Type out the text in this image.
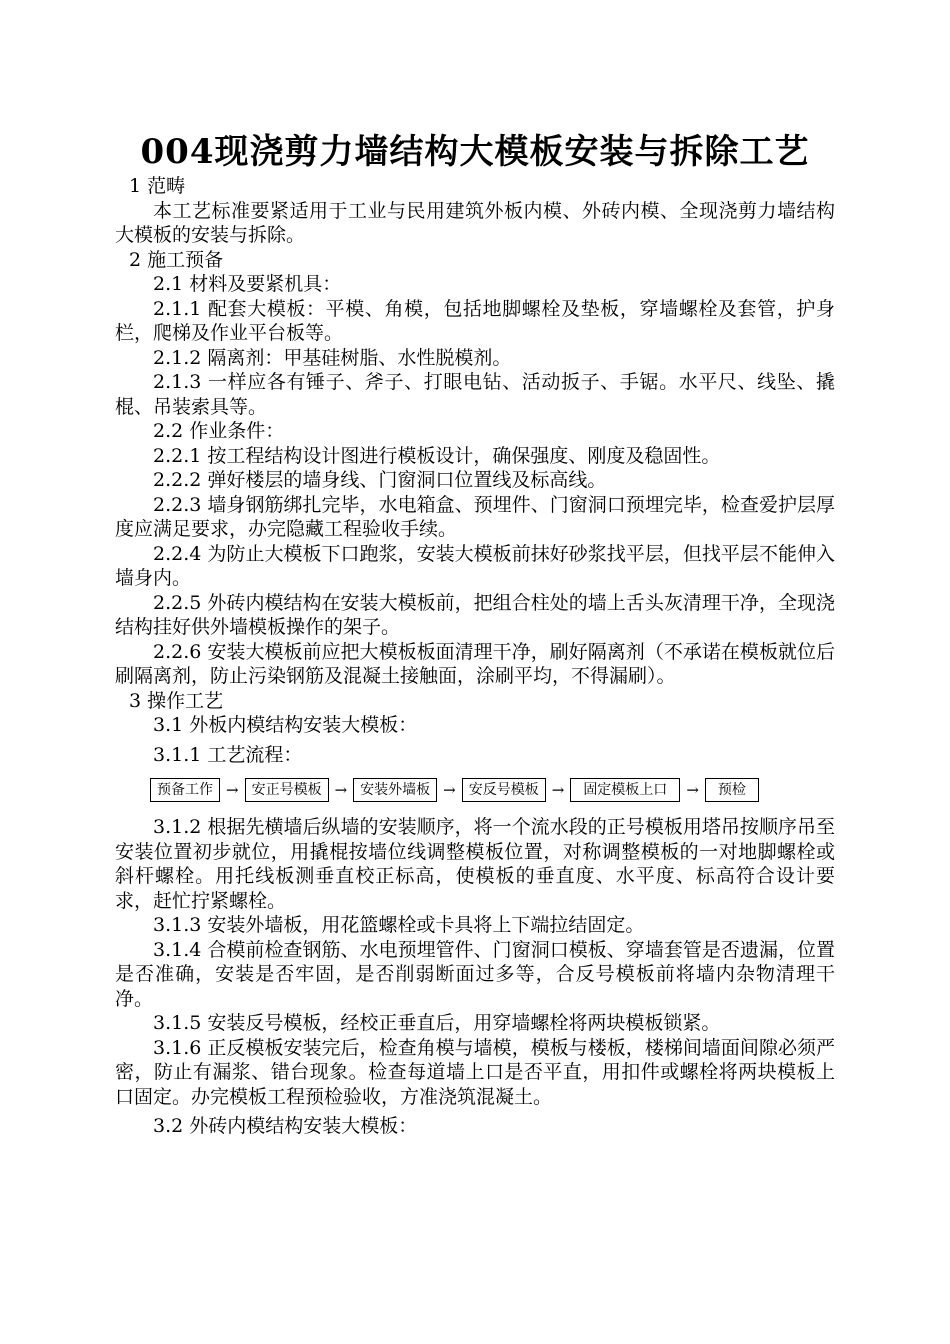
004现浇剪力墙结构大模板安装与拆除工艺

1 范畴

本工艺标准要紧适用于工业与民用建筑外板内模、外砖内模、全现浇剪力墙结构大模板的安装与拆除。

2 施工预备

2.1 材料及要紧机具：

2.1.1 配套大模板：平模、角模，包括地脚螺栓及垫板，穿墙螺栓及套管，护身栏，爬梯及作业平台板等。

2.1.2 隔离剂：甲基硅树脂、水性脱模剂。

2.1.3 一样应各有锤子、斧子、打眼电钻、活动扳子、手锯。水平尺、线坠、撬棍、吊装索具等。

2.2 作业条件：

2.2.1 按工程结构设计图进行模板设计，确保强度、刚度及稳固性。

2.2.2 弹好楼层的墙身线、门窗洞口位置线及标高线。

2.2.3 墙身钢筋绑扎完毕，水电箱盒、预埋件、门窗洞口预埋完毕，检查爱护层厚度应满足要求，办完隐藏工程验收手续。

2.2.4 为防止大模板下口跑浆，安装大模板前抹好砂浆找平层，但找平层不能伸入墙身内。

2.2.5 外砖内模结构在安装大模板前，把组合柱处的墙上舌头灰清理干净，全现浇结构挂好供外墙模板操作的架子。

2.2.6 安装大模板前应把大模板板面清理干净，刷好隔离剂（不承诺在模板就位后刷隔离剂，防止污染钢筋及混凝土接触面，涂刷平均，不得漏刷）。

3 操作工艺

3.1 外板内模结构安装大模板：

3.1.1 工艺流程：

预备工作 → 安正号模板 → 安装外墙板 → 安反号模板 →	固定模板上口	→	预检

3.1.2 根据先横墙后纵墙的安装顺序，将一个流水段的正号模板用塔吊按顺序吊至安装位置初步就位，用撬棍按墙位线调整模板位置，对称调整模板的一对地脚螺栓或斜杆螺栓。用托线板测垂直校正标高，使模板的垂直度、水平度、标高符合设计要求，赶忙拧紧螺栓。

3.1.3 安装外墙板，用花篮螺栓或卡具将上下端拉结固定。

3.1.4 合模前检查钢筋、水电预埋管件、门窗洞口模板、穿墙套管是否遗漏，位置是否准确，安装是否牢固，是否削弱断面过多等，合反号模板前将墙内杂物清理干净。

3.1.5 安装反号模板，经校正垂直后，用穿墙螺栓将两块模板锁紧。

3.1.6 正反模板安装完后，检查角模与墙模，模板与楼板，楼梯间墙面间隙必须严密，防止有漏浆、错台现象。检查每道墙上口是否平直，用扣件或螺栓将两块模板上口固定。办完模板工程预检验收，方准浇筑混凝土。

3.2 外砖内模结构安装大模板：
